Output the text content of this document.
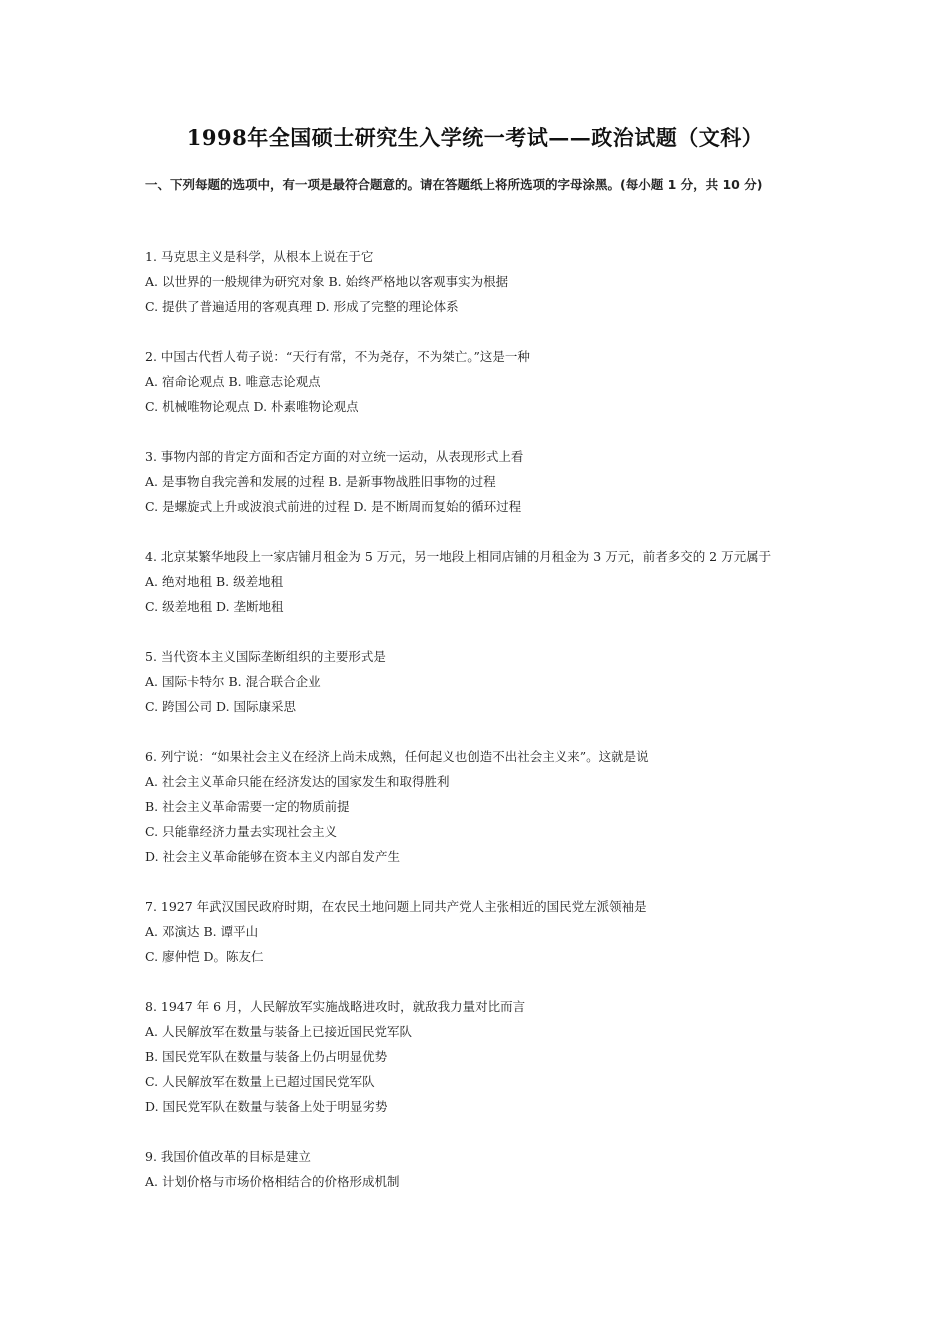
1998年全国硕士研究生入学统一考试——政治试题（文科）
一、下列每题的选项中，有一项是最符合题意的。请在答题纸上将所选项的字母涂黑。(每小题 1 分，共 10 分)
1. 马克思主义是科学，从根本上说在于它
A. 以世界的一般规律为研究对象 B. 始终严格地以客观事实为根据
C. 提供了普遍适用的客观真理 D. 形成了完整的理论体系
2. 中国古代哲人荀子说：“天行有常，不为尧存，不为桀亡。”这是一种
A. 宿命论观点 B. 唯意志论观点
C. 机械唯物论观点 D. 朴素唯物论观点
3. 事物内部的肯定方面和否定方面的对立统一运动，从表现形式上看
A. 是事物自我完善和发展的过程 B. 是新事物战胜旧事物的过程
C. 是螺旋式上升或波浪式前进的过程 D. 是不断周而复始的循环过程
4. 北京某繁华地段上一家店铺月租金为 5 万元，另一地段上相同店铺的月租金为 3 万元，前者多交的 2 万元属于
A. 绝对地租 B. 级差地租
C. 级差地租 D. 垄断地租
5. 当代资本主义国际垄断组织的主要形式是
A. 国际卡特尔 B. 混合联合企业
C. 跨国公司 D. 国际康采思
6. 列宁说：“如果社会主义在经济上尚未成熟，任何起义也创造不出社会主义来”。这就是说
A. 社会主义革命只能在经济发达的国家发生和取得胜利
B. 社会主义革命需要一定的物质前提
C. 只能靠经济力量去实现社会主义
D. 社会主义革命能够在资本主义内部自发产生
7. 1927 年武汉国民政府时期，在农民土地问题上同共产党人主张相近的国民党左派领袖是
A. 邓演达 B. 谭平山
C. 廖仲恺 D。陈友仁
8. 1947 年 6 月，人民解放军实施战略进攻时，就敌我力量对比而言
A. 人民解放军在数量与装备上已接近国民党军队
B. 国民党军队在数量与装备上仍占明显优势
C. 人民解放军在数量上已超过国民党军队
D. 国民党军队在数量与装备上处于明显劣势
9. 我国价值改革的目标是建立
A. 计划价格与市场价格相结合的价格形成机制
